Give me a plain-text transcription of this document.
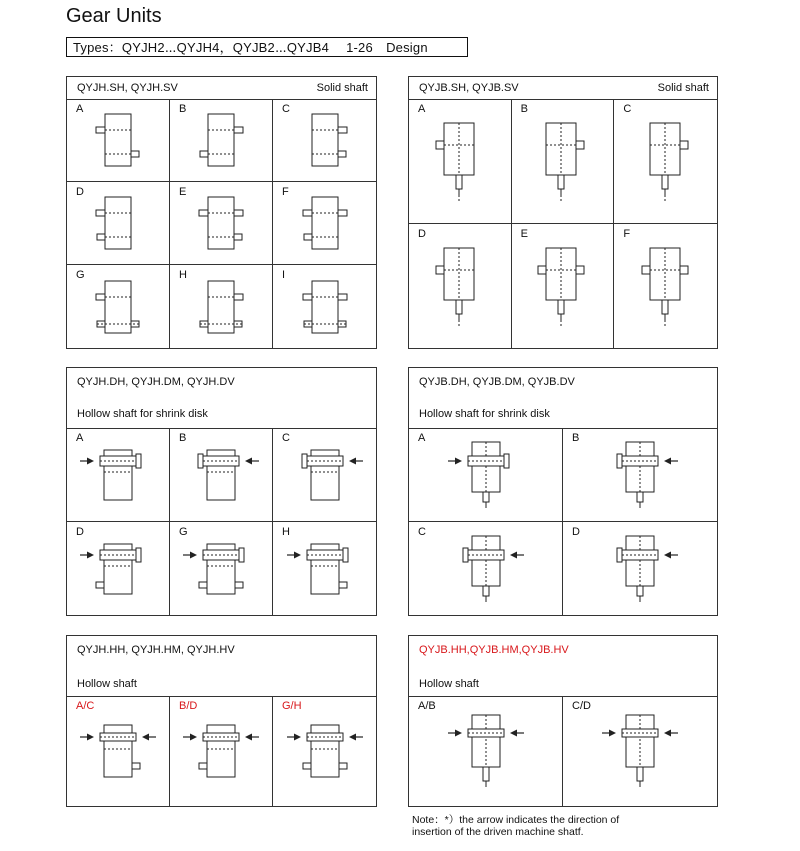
Gear Units
Types：QYJH2⋯QYJH4，QYJB2⋯QYJB4　 1-26　Design
QYJH.SH, QYJH.SV	Solid shaft
A	B	C
D	E	F
G	H	I
QYJB.SH, QYJB.SV	Solid shaft
A	B	C
D	E	F
QYJH.DH, QYJH.DM, QYJH.DV
Hollow shaft for shrink disk
A	B	C
D	G	H
QYJB.DH, QYJB.DM, QYJB.DV
Hollow shaft for shrink disk
A	B
C	D
QYJH.HH, QYJH.HM, QYJH.HV
Hollow shaft
A/C	B/D	G/H
QYJB.HH,QYJB.HM,QYJB.HV
Hollow shaft
A/B	C/D
Note：*）the arrow indicates the direction of
insertion of the driven machine shatf.
